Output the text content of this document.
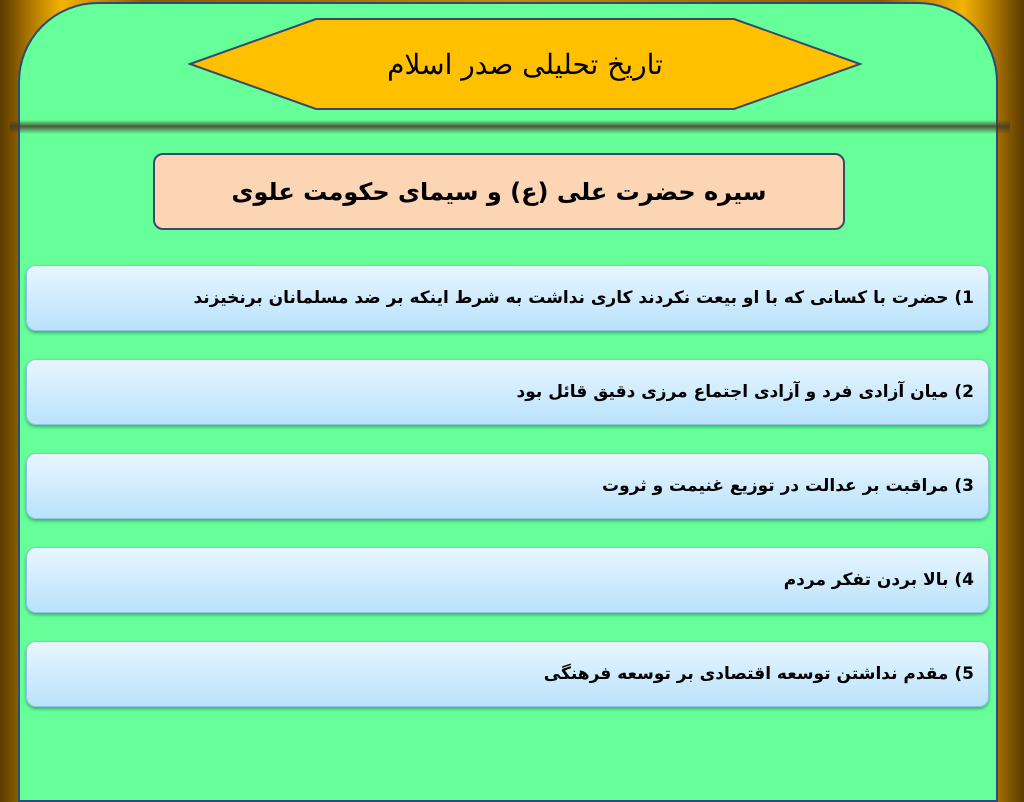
تاریخ تحلیلی صدر اسلام
سیره حضرت علی (ع) و سیمای حکومت علوی
1) حضرت با کسانی که با او بیعت نکردند کاری نداشت به شرط اینکه بر ضد مسلمانان برنخیزند
2) میان آزادی فرد و آزادی اجتماع مرزی دقیق قائل بود
3) مراقبت بر عدالت در توزیع غنیمت و ثروت
4) بالا بردن تفکر مردم
5) مقدم نداشتن توسعه اقتصادی بر توسعه فرهنگی
